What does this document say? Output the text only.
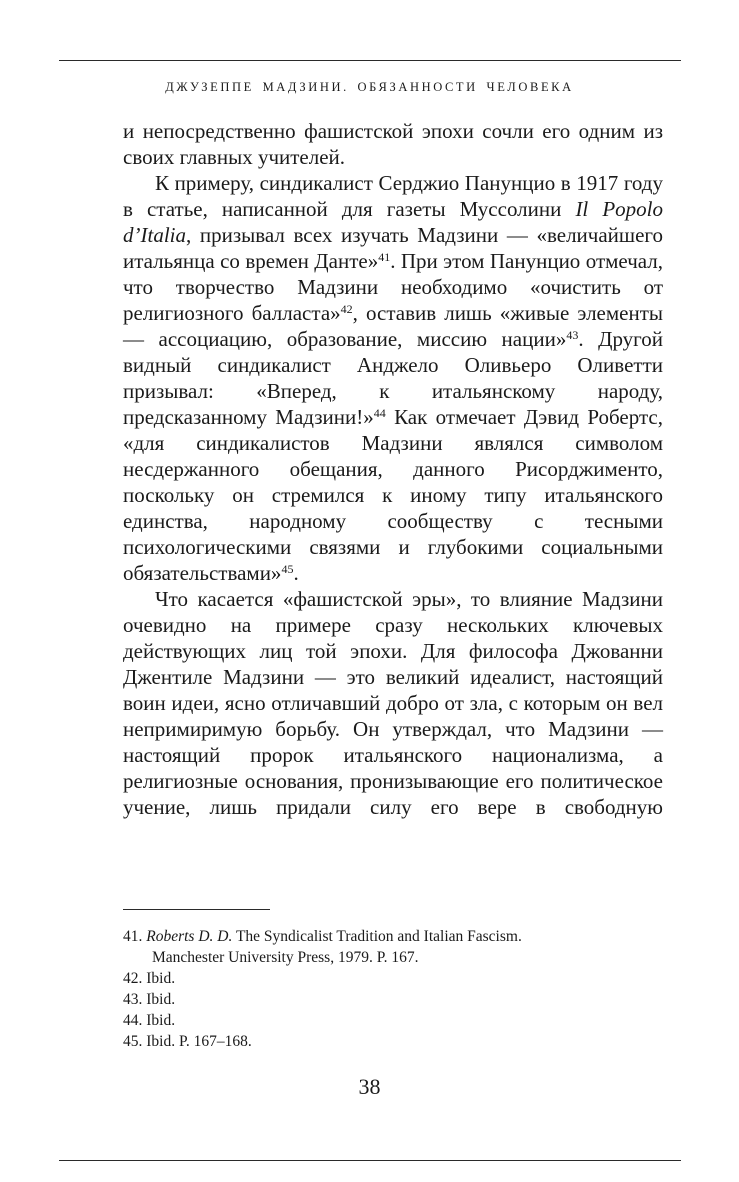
ДЖУЗЕППЕ МАДЗИНИ. ОБЯЗАННОСТИ ЧЕЛОВЕКА

и непосредственно фашистской эпохи сочли его одним из своих главных учителей.

К примеру, синдикалист Серджио Панунцио в 1917 году в статье, написанной для газеты Муссолини Il Popolo d’Italia, призывал всех изучать Мадзини — «величайшего итальянца со времен Данте»$^{41}$. При этом Панунцио отмечал, что творчество Мадзини необходимо «очистить от религиозного балласта»$^{42}$, оставив лишь «живые элементы — ассоциацию, образование, миссию нации»$^{43}$. Другой видный синдикалист Анджело Оливьеро Оливетти призывал: «Вперед, к итальянскому народу, предсказанному Мадзини!»$^{44}$ Как отмечает Дэвид Робертс, «для синдикалистов Мадзини являлся символом несдержанного обещания, данного Рисорджименто, поскольку он стремился к иному типу итальянского единства, народному сообществу с тесными психологическими связями и глубокими социальными обязательствами»$^{45}$.

Что касается «фашистской эры», то влияние Мадзини очевидно на примере сразу нескольких ключевых действующих лиц той эпохи. Для философа Джованни Джентиле Мадзини — это великий идеалист, настоящий воин идеи, ясно отличавший добро от зла, с которым он вел непримиримую борьбу. Он утверждал, что Мадзини — настоящий пророк итальянского национализма, а религиозные основания, пронизывающие его политическое учение, лишь придали силу его вере в свободную

41. Roberts D. D. The Syndicalist Tradition and Italian Fascism.

Manchester University Press, 1979. P. 167.

42. Ibid.

43. Ibid.

44. Ibid.

45. Ibid. P. 167–168.

38
